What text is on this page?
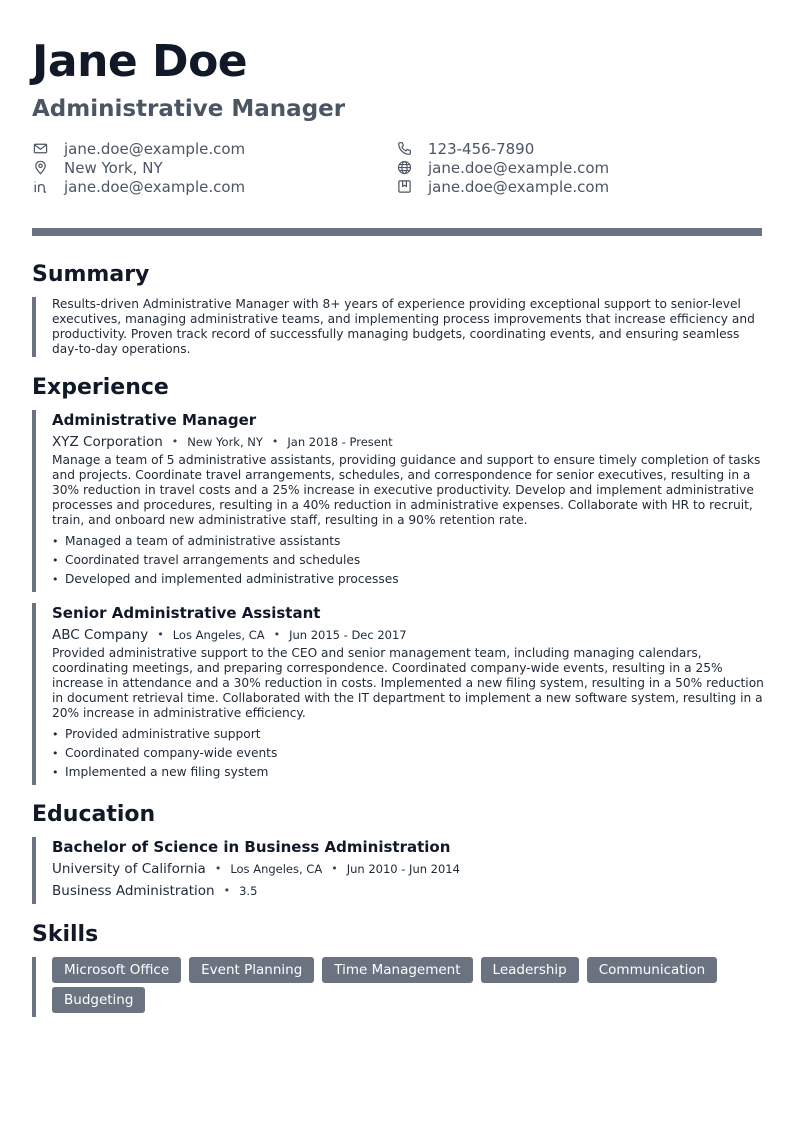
Jane Doe
Administrative Manager
jane.doe@example.com	123-456-7890
New York, NY	jane.doe@example.com
jane.doe@example.com	jane.doe@example.com
Summary
Results-driven Administrative Manager with 8+ years of experience providing exceptional support to senior-level executives, managing administrative teams, and implementing process improvements that increase efficiency and productivity. Proven track record of successfully managing budgets, coordinating events, and ensuring seamless day-to-day operations.
Experience
Administrative Manager
XYZ Corporation • New York, NY • Jan 2018 - Present
Manage a team of 5 administrative assistants, providing guidance and support to ensure timely completion of tasks and projects. Coordinate travel arrangements, schedules, and correspondence for senior executives, resulting in a 30% reduction in travel costs and a 25% increase in executive productivity. Develop and implement administrative processes and procedures, resulting in a 40% reduction in administrative expenses. Collaborate with HR to recruit, train, and onboard new administrative staff, resulting in a 90% retention rate.
• Managed a team of administrative assistants
• Coordinated travel arrangements and schedules
• Developed and implemented administrative processes
Senior Administrative Assistant
ABC Company • Los Angeles, CA • Jun 2015 - Dec 2017
Provided administrative support to the CEO and senior management team, including managing calendars, coordinating meetings, and preparing correspondence. Coordinated company-wide events, resulting in a 25% increase in attendance and a 30% reduction in costs. Implemented a new filing system, resulting in a 50% reduction in document retrieval time. Collaborated with the IT department to implement a new software system, resulting in a 20% increase in administrative efficiency.
• Provided administrative support
• Coordinated company-wide events
• Implemented a new filing system
Education
Bachelor of Science in Business Administration
University of California • Los Angeles, CA • Jun 2010 - Jun 2014
Business Administration • 3.5
Skills
Microsoft Office	Event Planning	Time Management	Leadership	Communication
Budgeting
